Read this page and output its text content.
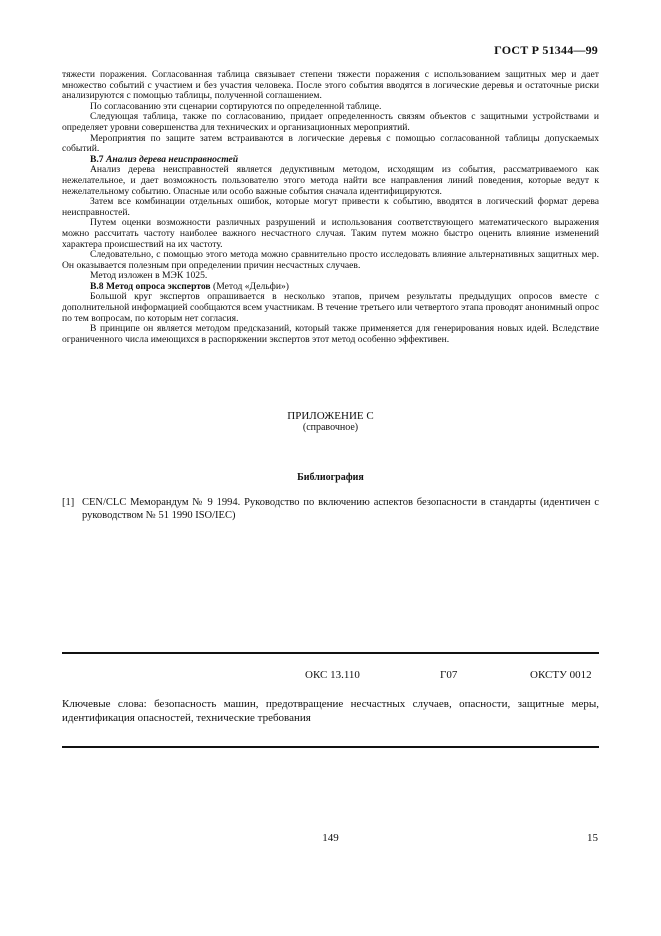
ГОСТ Р 51344—99

тяжести поражения. Согласованная таблица связывает степени тяжести поражения с использованием защитных мер и дает множество событий с участием и без участия человека. После этого события вводятся в логические деревья и остаточные риски анализируются с помощью таблицы, полученной соглашением.

По согласованию эти сценарии сортируются по определенной таблице.

Следующая таблица, также по согласованию, придает определенность связям объектов с защитными устройствами и определяет уровни совершенства для технических и организационных мероприятий.

Мероприятия по защите затем встраиваются в логические деревья с помощью согласованной таблицы допускаемых событий.

В.7 Анализ дерева неисправностей

Анализ дерева неисправностей является дедуктивным методом, исходящим из события, рассматриваемого как нежелательное, и дает возможность пользователю этого метода найти все направления линий поведения, которые ведут к нежелательному событию. Опасные или особо важные события сначала идентифицируются.

Затем все комбинации отдельных ошибок, которые могут привести к событию, вводятся в логический формат дерева неисправностей.

Путем оценки возможности различных разрушений и использования соответствующего математического выражения можно рассчитать частоту наиболее важного несчастного случая. Таким путем можно быстро оценить влияние изменений характера происшествий на их частоту.

Следовательно, с помощью этого метода можно сравнительно просто исследовать влияние альтернативных защитных мер. Он оказывается полезным при определении причин несчастных случаев.

Метод изложен в МЭК 1025.

В.8 Метод опроса экспертов (Метод «Дельфи»)

Большой круг экспертов опрашивается в несколько этапов, причем результаты предыдущих опросов вместе с дополнительной информацией сообщаются всем участникам. В течение третьего или четвертого этапа проводят анонимный опрос по тем вопросам, по которым нет согласия.

В принципе он является методом предсказаний, который также применяется для генерирования новых идей. Вследствие ограниченного числа имеющихся в распоряжении экспертов этот метод особенно эффективен.

ПРИЛОЖЕНИЕ С
(справочное)
Библиография
[1] CEN/CLC Меморандум № 9 1994. Руководство по включению аспектов безопасности в стандарты (идентичен с руководством № 51 1990 ISO/IEC)
ОКС 13.110	Г07	ОКСТУ 0012
Ключевые слова: безопасность машин, предотвращение несчастных случаев, опасности, защитные меры, идентификация опасностей, технические требования
149	15
